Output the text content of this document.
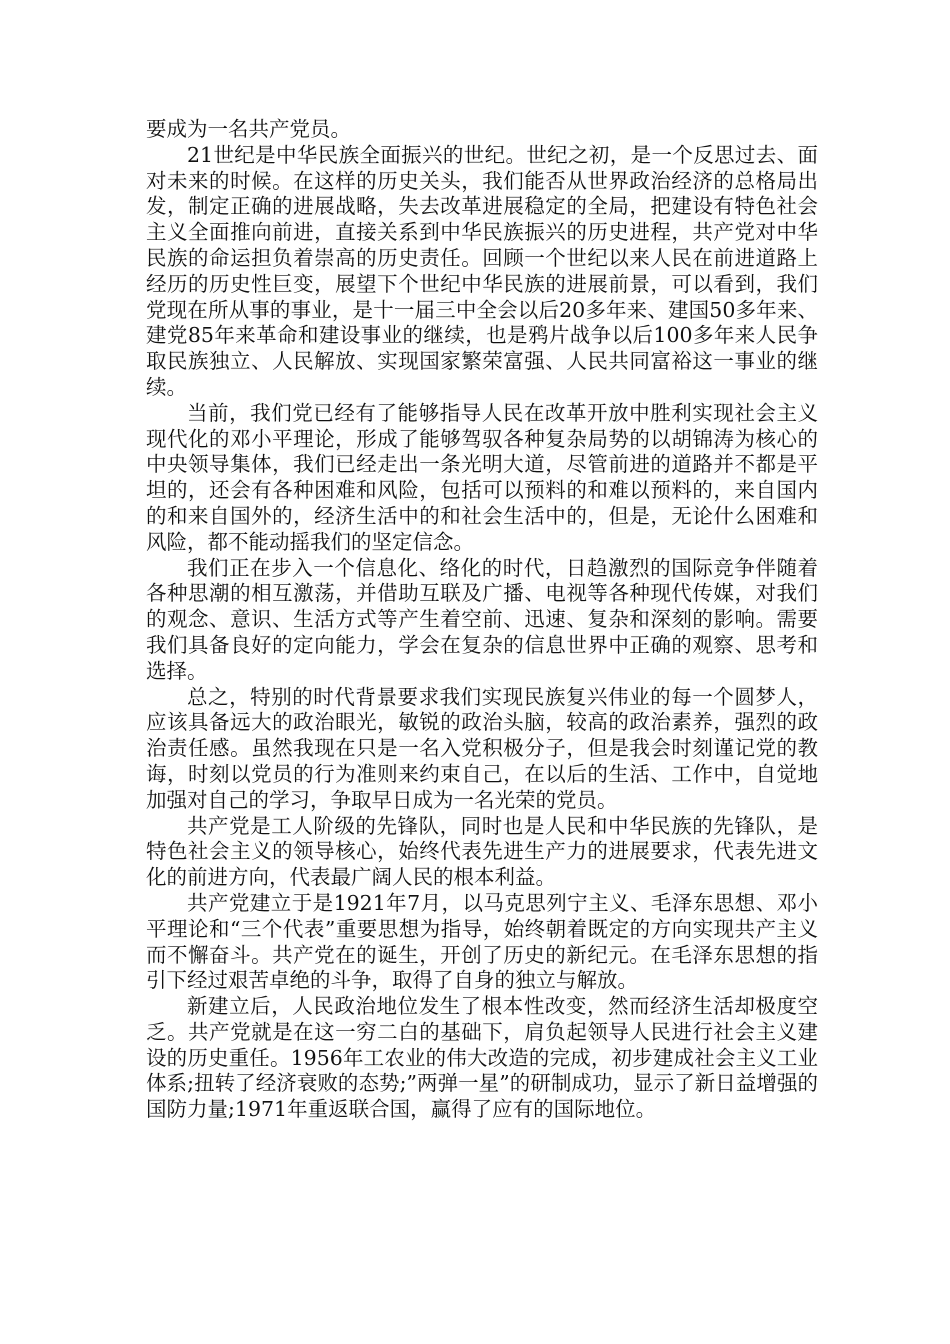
要成为一名共产党员。

21世纪是中华民族全面振兴的世纪。世纪之初，是一个反思过去、面对未来的时候。在这样的历史关头，我们能否从世界政治经济的总格局出发，制定正确的进展战略，失去改革进展稳定的全局，把建设有特色社会主义全面推向前进，直接关系到中华民族振兴的历史进程，共产党对中华民族的命运担负着崇高的历史责任。回顾一个世纪以来人民在前进道路上经历的历史性巨变，展望下个世纪中华民族的进展前景，可以看到，我们党现在所从事的事业，是十一届三中全会以后20多年来、建国50多年来、建党85年来革命和建设事业的继续，也是鸦片战争以后100多年来人民争取民族独立、人民解放、实现国家繁荣富强、人民共同富裕这一事业的继续。

当前，我们党已经有了能够指导人民在改革开放中胜利实现社会主义现代化的邓小平理论，形成了能够驾驭各种复杂局势的以胡锦涛为核心的中央领导集体，我们已经走出一条光明大道，尽管前进的道路并不都是平坦的，还会有各种困难和风险，包括可以预料的和难以预料的，来自国内的和来自国外的，经济生活中的和社会生活中的，但是，无论什么困难和风险，都不能动摇我们的坚定信念。

我们正在步入一个信息化、络化的时代，日趋激烈的国际竞争伴随着各种思潮的相互激荡，并借助互联及广播、电视等各种现代传媒，对我们的观念、意识、生活方式等产生着空前、迅速、复杂和深刻的影响。需要我们具备良好的定向能力，学会在复杂的信息世界中正确的观察、思考和选择。

总之，特别的时代背景要求我们实现民族复兴伟业的每一个圆梦人，应该具备远大的政治眼光，敏锐的政治头脑，较高的政治素养，强烈的政治责任感。虽然我现在只是一名入党积极分子，但是我会时刻谨记党的教诲，时刻以党员的行为准则来约束自己，在以后的生活、工作中，自觉地加强对自己的学习，争取早日成为一名光荣的党员。

共产党是工人阶级的先锋队，同时也是人民和中华民族的先锋队，是特色社会主义的领导核心，始终代表先进生产力的进展要求，代表先进文化的前进方向，代表最广阔人民的根本利益。

共产党建立于是1921年7月，以马克思列宁主义、毛泽东思想、邓小平理论和“三个代表”重要思想为指导，始终朝着既定的方向实现共产主义而不懈奋斗。共产党在的诞生，开创了历史的新纪元。在毛泽东思想的指引下经过艰苦卓绝的斗争，取得了自身的独立与解放。

新建立后，人民政治地位发生了根本性改变，然而经济生活却极度空乏。共产党就是在这一穷二白的基础下，肩负起领导人民进行社会主义建设的历史重任。1956年工农业的伟大改造的完成，初步建成社会主义工业体系;扭转了经济衰败的态势;”两弹一星”的研制成功，显示了新日益增强的国防力量;1971年重返联合国，赢得了应有的国际地位。
